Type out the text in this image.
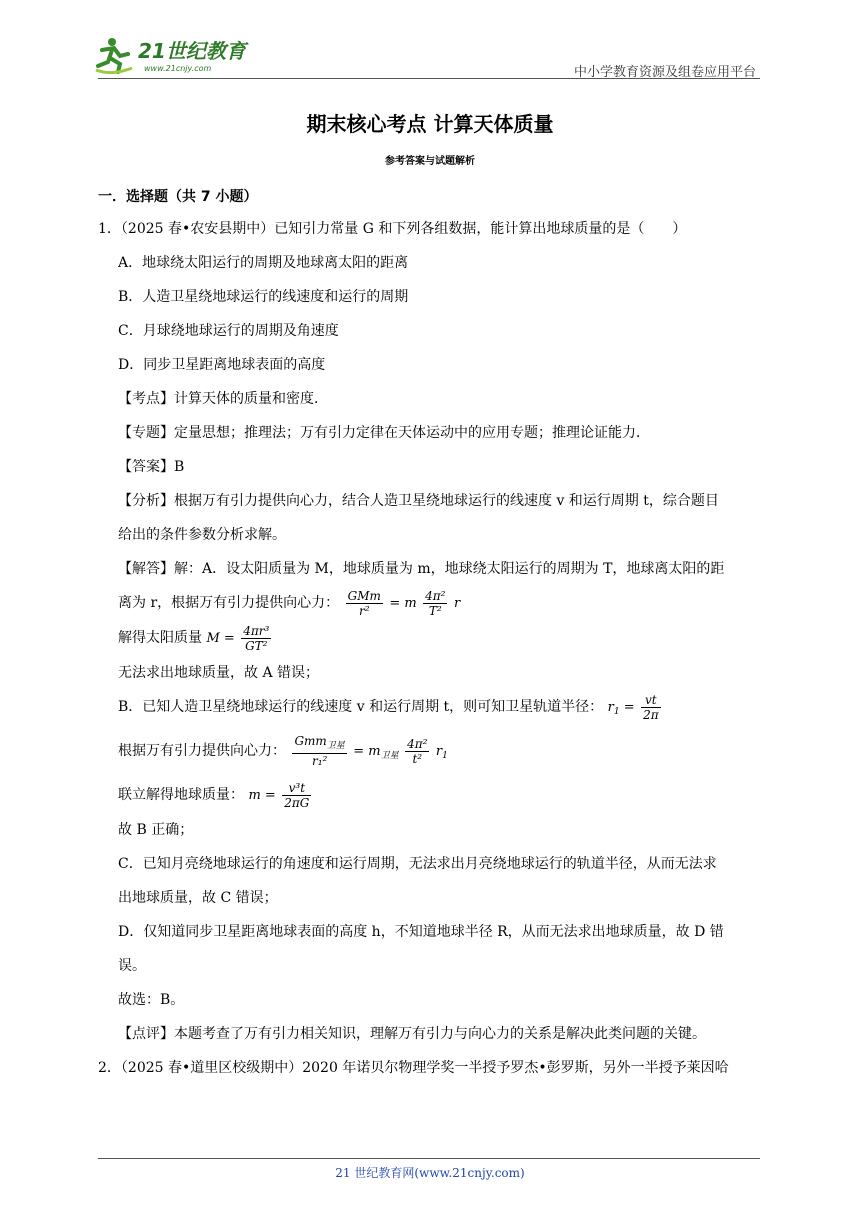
21世纪教育
www.21cnjy.com	中小学教育资源及组卷应用平台
期末核心考点 计算天体质量
参考答案与试题解析
一．选择题（共 7 小题）
1．（2025 春•农安县期中）已知引力常量 G 和下列各组数据，能计算出地球质量的是（　　）
A．地球绕太阳运行的周期及地球离太阳的距离
B．人造卫星绕地球运行的线速度和运行的周期
C．月球绕地球运行的周期及角速度
D．同步卫星距离地球表面的高度
【考点】计算天体的质量和密度．
【专题】定量思想；推理法；万有引力定律在天体运动中的应用专题；推理论证能力．
【答案】B
【分析】根据万有引力提供向心力，结合人造卫星绕地球运行的线速度 v 和运行周期 t，综合题目
给出的条件参数分析求解。
【解答】解：A．设太阳质量为 M，地球质量为 m，地球绕太阳运行的周期为 T，地球离太阳的距
离为 r，根据万有引力提供向心力： $\frac{\text{GMm}}{\text{r²}} = m \frac{\text{4π²}}{\text{T²}}$ r
解得太阳质量 $M = \frac{\text{4πr³}}{\text{GT²}}$
无法求出地球质量，故 A 错误；
B．已知人造卫星绕地球运行的线速度 v 和运行周期 t，则可知卫星轨道半径： $r_1 = \frac{vt}{2\pi}$
根据万有引力提供向心力： $\frac{Gmm_{卫星}}{\text{r₁²}} = m_{卫星} \frac{\text{4π²}}{\text{t²}} r_1$
联立解得地球质量： $m = \frac{\text{v³t}}{2\pi G}$
故 B 正确；
C．已知月亮绕地球运行的角速度和运行周期，无法求出月亮绕地球运行的轨道半径，从而无法求
出地球质量，故 C 错误；
D．仅知道同步卫星距离地球表面的高度 h，不知道地球半径 R，从而无法求出地球质量，故 D 错
误。
故选：B。
【点评】本题考查了万有引力相关知识，理解万有引力与向心力的关系是解决此类问题的关键。
2．（2025 春•道里区校级期中）2020 年诺贝尔物理学奖一半授予罗杰•彭罗斯，另外一半授予莱因哈
21 世纪教育网(www.21cnjy.com)
